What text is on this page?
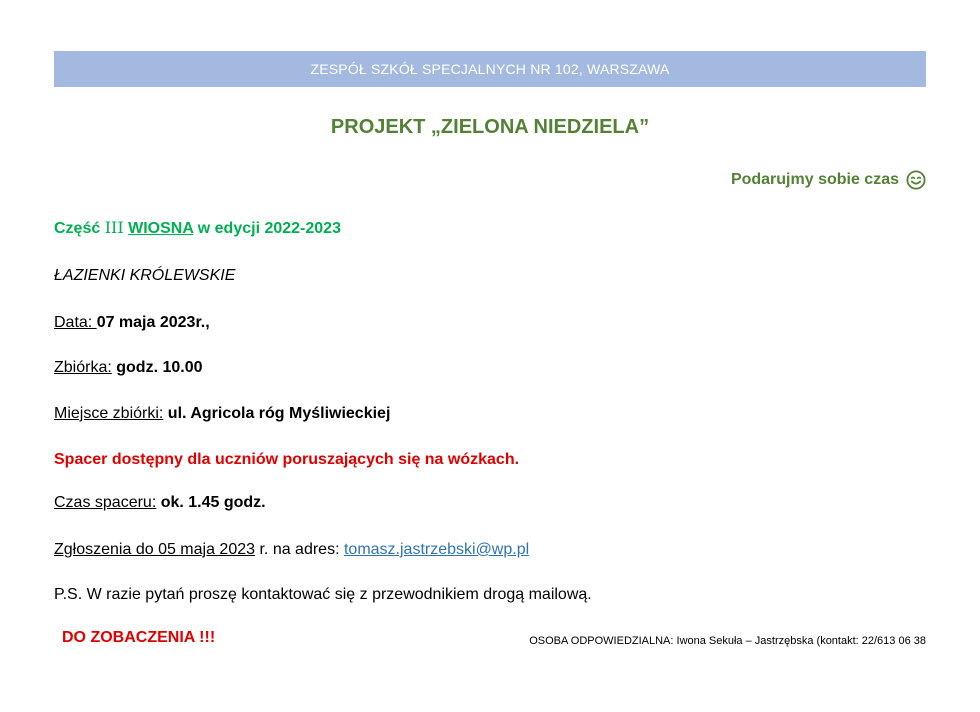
ZESPÓŁ SZKÓŁ SPECJALNYCH NR 102, WARSZAWA
PROJEKT „ZIELONA NIEDZIELA”
Podarujmy sobie czas
Część III WIOSNA w edycji 2022-2023
ŁAZIENKI KRÓLEWSKIE
Data: 07 maja 2023r.,
Zbiórka: godz. 10.00
Miejsce zbiórki: ul. Agricola róg Myśliwieckiej
Spacer dostępny dla uczniów poruszających się na wózkach.
Czas spaceru: ok. 1.45 godz.
Zgłoszenia do 05 maja 2023 r. na adres: tomasz.jastrzebski@wp.pl
P.S. W razie pytań proszę kontaktować się z przewodnikiem drogą mailową.
DO ZOBACZENIA !!!	OSOBA ODPOWIEDZIALNA: Iwona Sekuła – Jastrzębska (kontakt: 22/613 06 38
